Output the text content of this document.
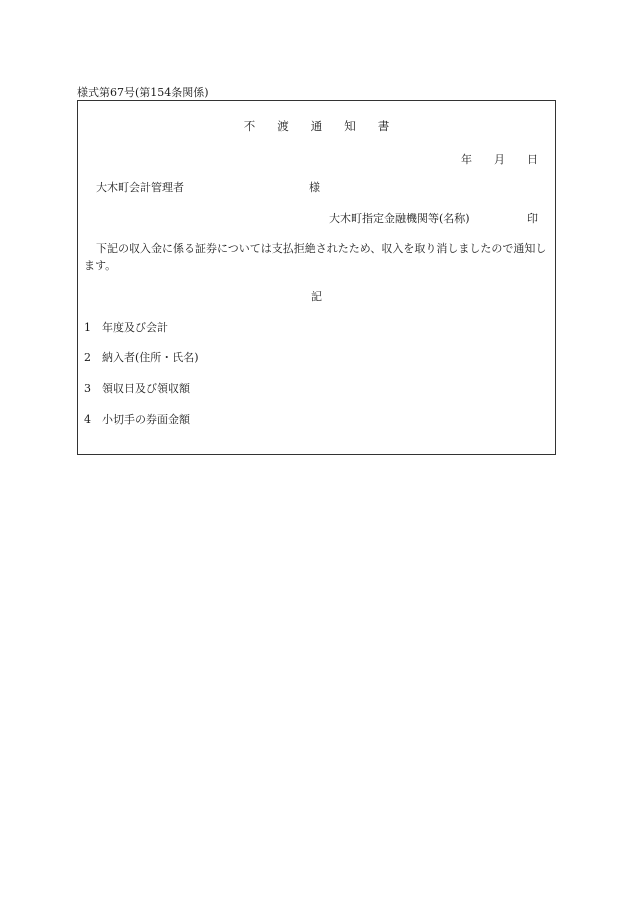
様式第67号(第154条関係)
不渡通知書
年 月 日
大木町会計管理者	様
大木町指定金融機関等(名称)	印
下記の収入金に係る証券については支払拒絶されたため、収入を取り消しましたので通知します。
記
1 年度及び会計
2 納入者(住所・氏名)
3 領収日及び領収額
4 小切手の券面金額
